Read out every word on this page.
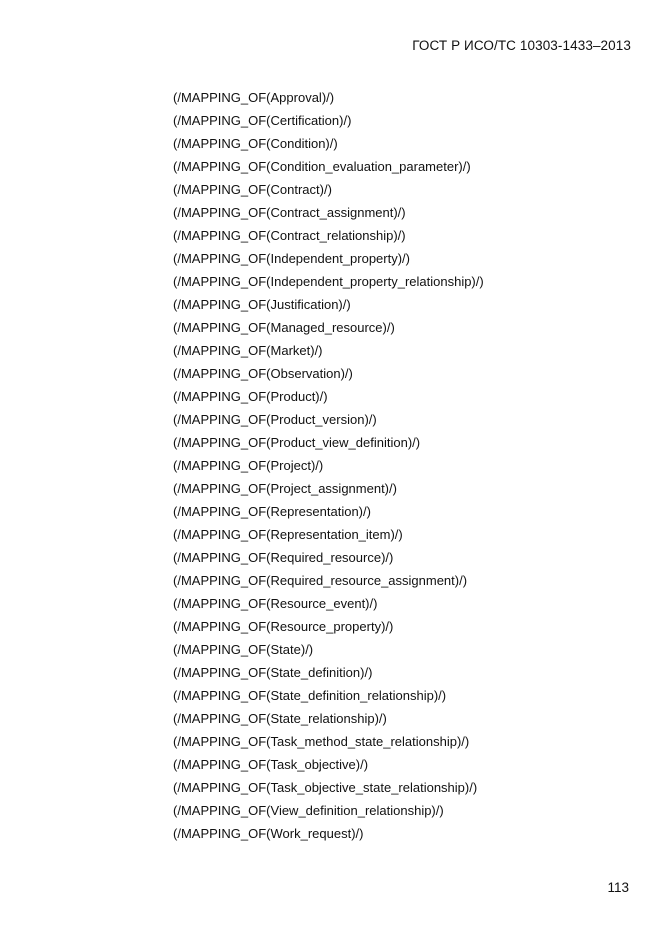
ГОСТ Р ИСО/ТС 10303-1433–2013
(/MAPPING_OF(Approval)/)
(/MAPPING_OF(Certification)/)
(/MAPPING_OF(Condition)/)
(/MAPPING_OF(Condition_evaluation_parameter)/)
(/MAPPING_OF(Contract)/)
(/MAPPING_OF(Contract_assignment)/)
(/MAPPING_OF(Contract_relationship)/)
(/MAPPING_OF(Independent_property)/)
(/MAPPING_OF(Independent_property_relationship)/)
(/MAPPING_OF(Justification)/)
(/MAPPING_OF(Managed_resource)/)
(/MAPPING_OF(Market)/)
(/MAPPING_OF(Observation)/)
(/MAPPING_OF(Product)/)
(/MAPPING_OF(Product_version)/)
(/MAPPING_OF(Product_view_definition)/)
(/MAPPING_OF(Project)/)
(/MAPPING_OF(Project_assignment)/)
(/MAPPING_OF(Representation)/)
(/MAPPING_OF(Representation_item)/)
(/MAPPING_OF(Required_resource)/)
(/MAPPING_OF(Required_resource_assignment)/)
(/MAPPING_OF(Resource_event)/)
(/MAPPING_OF(Resource_property)/)
(/MAPPING_OF(State)/)
(/MAPPING_OF(State_definition)/)
(/MAPPING_OF(State_definition_relationship)/)
(/MAPPING_OF(State_relationship)/)
(/MAPPING_OF(Task_method_state_relationship)/)
(/MAPPING_OF(Task_objective)/)
(/MAPPING_OF(Task_objective_state_relationship)/)
(/MAPPING_OF(View_definition_relationship)/)
(/MAPPING_OF(Work_request)/)
113
